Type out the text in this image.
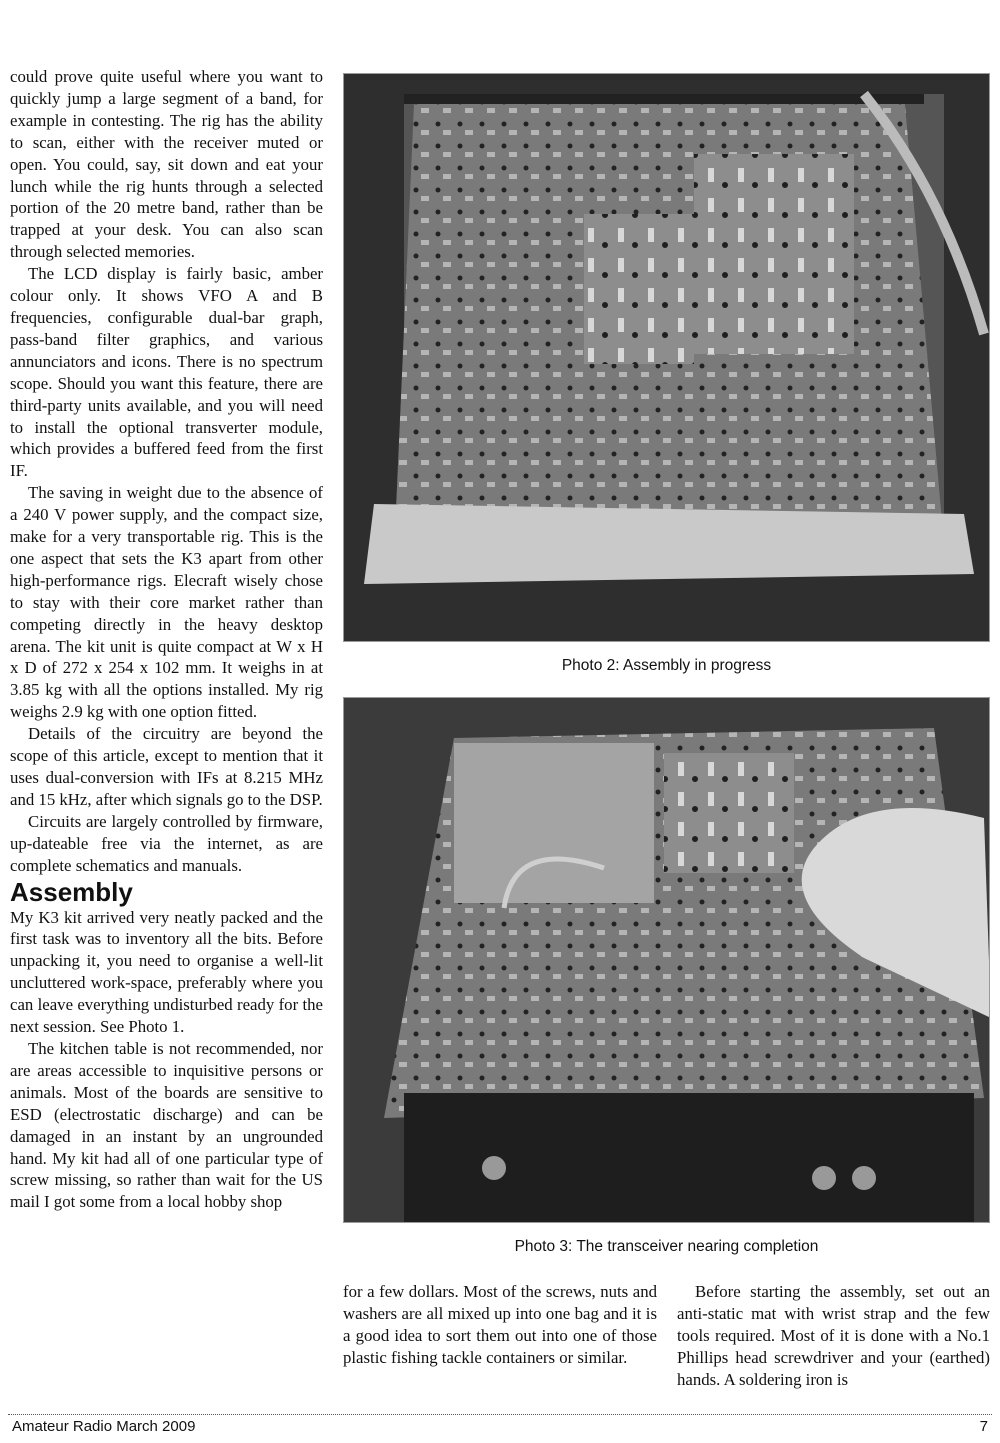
could prove quite useful where you want to quickly jump a large segment of a band, for example in contesting. The rig has the ability to scan, either with the receiver muted or open. You could, say, sit down and eat your lunch while the rig hunts through a selected portion of the 20 metre band, rather than be trapped at your desk. You can also scan through selected memories.

The LCD display is fairly basic, amber colour only. It shows VFO A and B frequencies, configurable dual-bar graph, pass-band filter graphics, and various annunciators and icons. There is no spectrum scope. Should you want this feature, there are third-party units available, and you will need to install the optional transverter module, which provides a buffered feed from the first IF.

The saving in weight due to the absence of a 240 V power supply, and the compact size, make for a very transportable rig. This is the one aspect that sets the K3 apart from other high-performance rigs. Elecraft wisely chose to stay with their core market rather than competing directly in the heavy desktop arena. The kit unit is quite compact at W x H x D of 272 x 254 x 102 mm. It weighs in at 3.85 kg with all the options installed. My rig weighs 2.9 kg with one option fitted.

Details of the circuitry are beyond the scope of this article, except to mention that it uses dual-conversion with IFs at 8.215 MHz and 15 kHz, after which signals go to the DSP.

Circuits are largely controlled by firmware, up-dateable free via the internet, as are complete schematics and manuals.

Assembly

My K3 kit arrived very neatly packed and the first task was to inventory all the bits. Before unpacking it, you need to organise a well-lit uncluttered work-space, preferably where you can leave everything undisturbed ready for the next session. See Photo 1.

The kitchen table is not recommended, nor are areas accessible to inquisitive persons or animals. Most of the boards are sensitive to ESD (electrostatic discharge) and can be damaged in an instant by an ungrounded hand. My kit had all of one particular type of screw missing, so rather than wait for the US mail I got some from a local hobby shop

Photo 2: Assembly in progress
Photo 3: The transceiver nearing completion

for a few dollars. Most of the screws, nuts and washers are all mixed up into one bag and it is a good idea to sort them out into one of those plastic fishing tackle containers or similar.

Before starting the assembly, set out an anti-static mat with wrist strap and the few tools required. Most of it is done with a No.1 Phillips head screwdriver and your (earthed) hands. A soldering iron is

Amateur Radio March 2009	7
